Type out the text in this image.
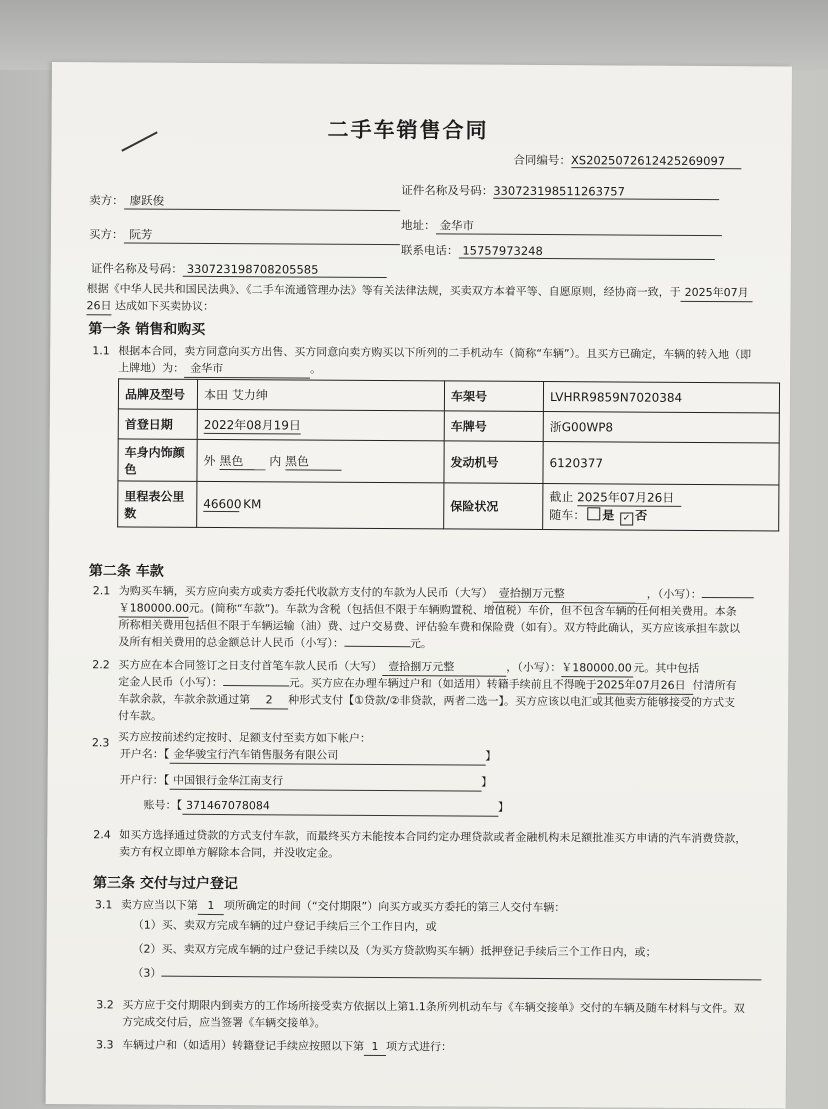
二手车销售合同
合同编号：XS2025072612425269097
卖方： 廖跃俊
证件名称及号码：330723198511263757
买方： 阮芳
地址： 金华市
证件名称及号码： 330723198708205585
联系电话： 15757973248
根据《中华人民共和国民法典》、《二手车流通管理办法》等有关法律法规，买卖双方本着平等、自愿原则，经协商一致，于 2025年07月
26日 达成如下买卖协议：
第一条 销售和购买
1.1 根据本合同，卖方同意向买方出售、买方同意向卖方购买以下所列的二手机动车（简称“车辆”）。且买方已确定，车辆的转入地（即
上牌地）为： 金华市	。
品牌及型号	本田 艾力绅	车架号	LVHRR9859N7020384
首登日期	2022年08月19日	车牌号	浙G00WP8
车身内饰颜色	外 黑色 内 黑色	发动机号	6120377
里程表公里数	46600 KM	保险状况	截止 2025年07月26日
随车： 是 ✓ 否
第二条 车款
2.1 为购买车辆，买方应向卖方或卖方委托代收款方支付的车款为人民币（大写） 壹拾捌万元整	，（小写）：
￥180000.00元。(简称“车款”)。车款为含税（包括但不限于车辆购置税、增值税）车价，但不包含车辆的任何相关费用。本条
所称相关费用包括但不限于车辆运输（油）费、过户交易费、评估验车费和保险费（如有）。双方特此确认，买方应该承担车款以
及所有相关费用的总金额总计人民币（小写）：	元。
2.2 买方应在本合同签订之日支付首笔车款人民币（大写） 壹拾捌万元整	，（小写）：￥180000.00元。其中包括
定金人民币（小写）：	元。买方应在办理车辆过户和（如适用）转籍手续前且不得晚于2025年07月26日 付清所有
车款余款，车款余款通过第 2 种形式支付【①贷款/②非贷款，两者二选一】。买方应该以电汇或其他卖方能够接受的方式支
付车款。
2.3 买方应按前述约定按时、足额支付至卖方如下帐户：
开户名：【 金华骏宝行汽车销售服务有限公司	】
开户行：【 中国银行金华江南支行	】
账号：【 371467078084	】
2.4 如买方选择通过贷款的方式支付车款，而最终买方未能按本合同约定办理贷款或者金融机构未足额批准买方申请的汽车消费贷款，
卖方有权立即单方解除本合同，并没收定金。
第三条 交付与过户登记
3.1 卖方应当以下第 1 项所确定的时间（“交付期限”）向买方或买方委托的第三人交付车辆：
（1）买、卖双方完成车辆的过户登记手续后三个工作日内，或
（2）买、卖双方完成车辆的过户登记手续以及（为买方贷款购买车辆）抵押登记手续后三个工作日内，或；
（3）
3.2 买方应于交付期限内到卖方的工作场所接受卖方依据以上第1.1条所列机动车与《车辆交接单》交付的车辆及随车材料与文件。双
方完成交付后，应当签署《车辆交接单》。
3.3 车辆过户和（如适用）转籍登记手续应按照以下第 1 项方式进行：
